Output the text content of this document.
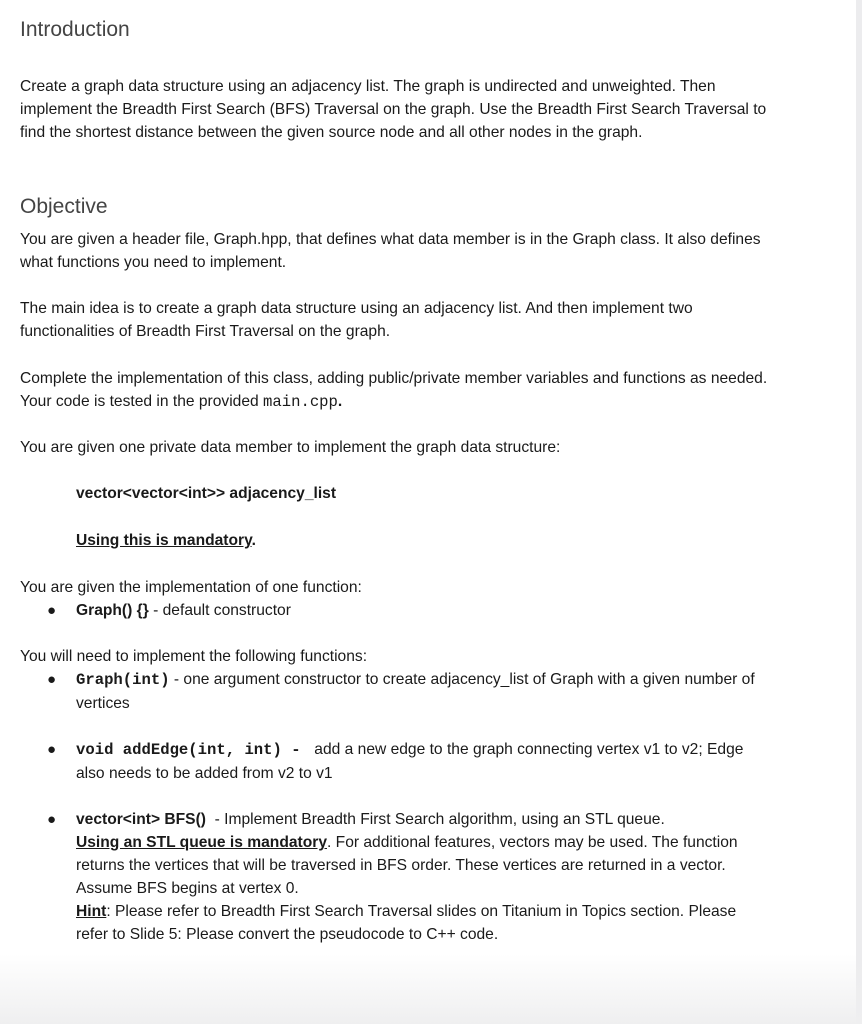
Introduction

Create a graph data structure using an adjacency list. The graph is undirected and unweighted. Then implement the Breadth First Search (BFS) Traversal on the graph. Use the Breadth First Search Traversal to find the shortest distance between the given source node and all other nodes in the graph.

Objective

You are given a header file, Graph.hpp, that defines what data member is in the Graph class. It also defines what functions you need to implement.

The main idea is to create a graph data structure using an adjacency list. And then implement two functionalities of Breadth First Traversal on the graph.

Complete the implementation of this class, adding public/private member variables and functions as needed. Your code is tested in the provided main.cpp.

You are given one private data member to implement the graph data structure:

vector<vector<int>> adjacency_list

Using this is mandatory.

You are given the implementation of one function:

● Graph() {} - default constructor

You will need to implement the following functions:

● Graph(int) - one argument constructor to create adjacency_list of Graph with a given number of vertices
● void addEdge(int, int) -  add a new edge to the graph connecting vertex v1 to v2; Edge also needs to be added from v2 to v1
● vector<int> BFS()  - Implement Breadth First Search algorithm, using an STL queue.
Using an STL queue is mandatory. For additional features, vectors may be used. The function returns the vertices that will be traversed in BFS order. These vertices are returned in a vector. Assume BFS begins at vertex 0.
Hint: Please refer to Breadth First Search Traversal slides on Titanium in Topics section. Please refer to Slide 5: Please convert the pseudocode to C++ code.
